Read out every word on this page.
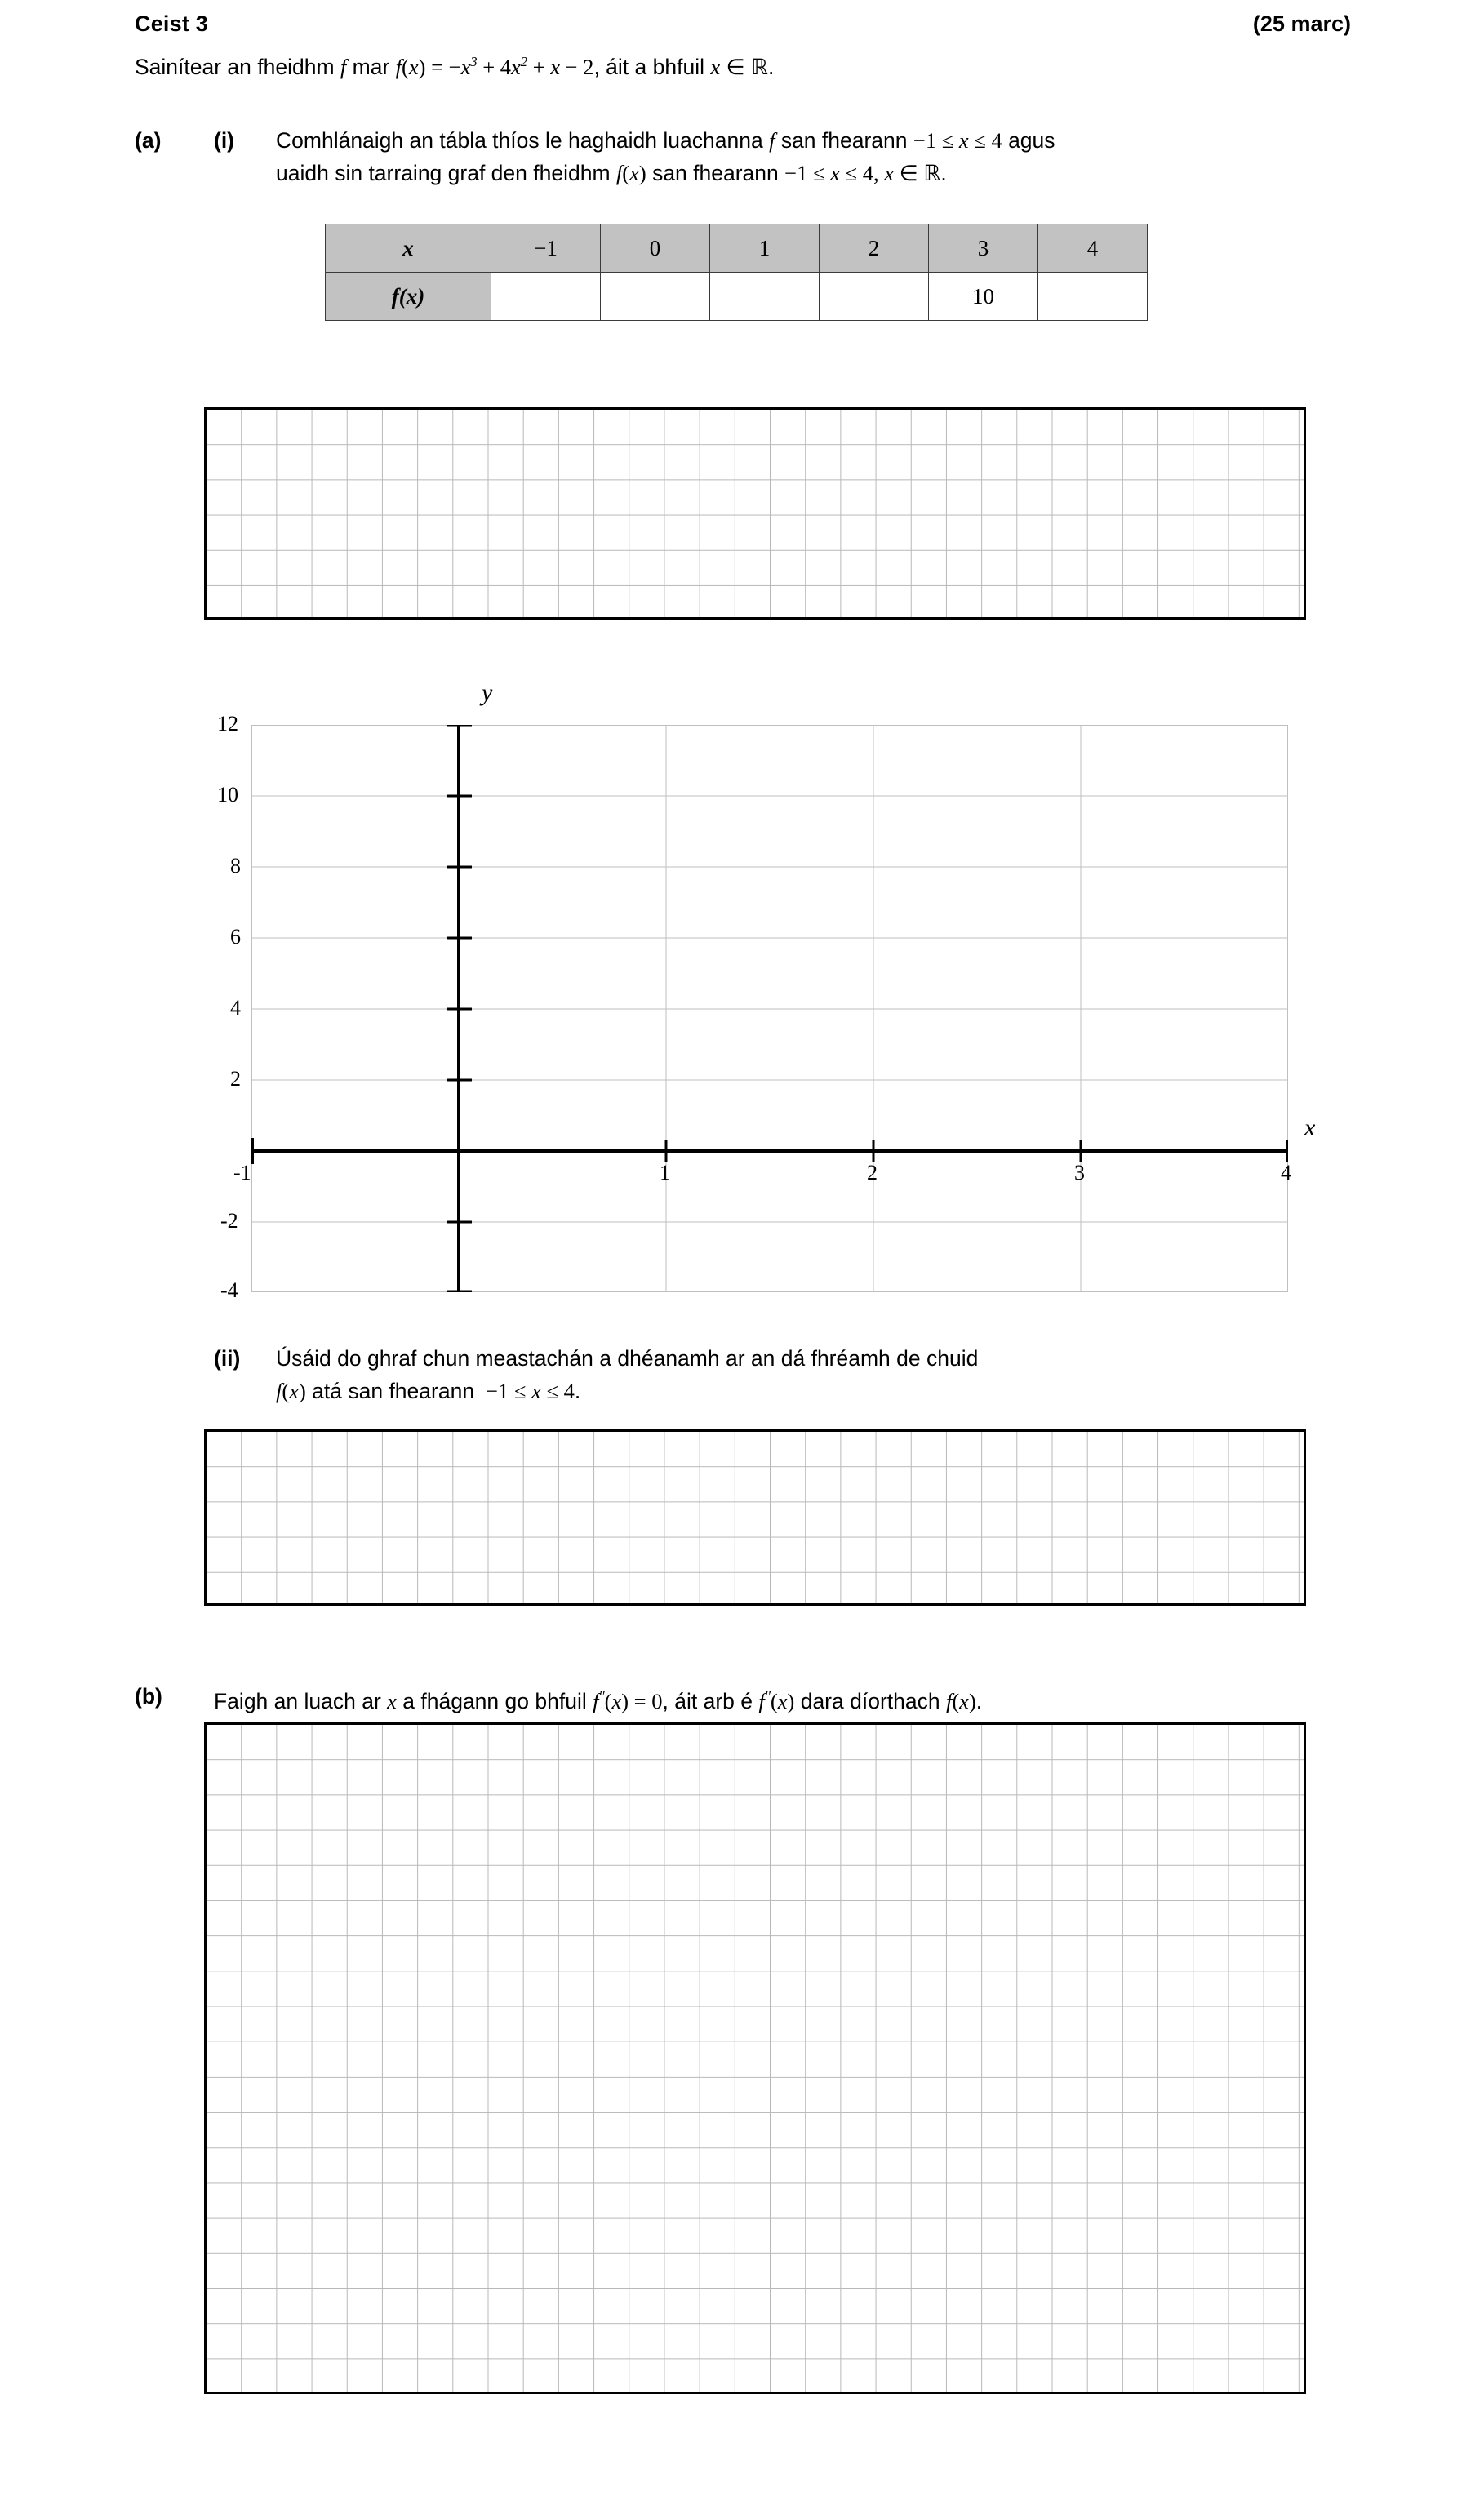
Ceist 3	(25 marc)
Sainítear an fheidhm f mar $f(x) = -x^3 + 4x^2 + x - 2$, áit a bhfuil x ∈ ℝ.
(a) (i) Comhlánaigh an tábla thíos le haghaidh luachanna f san fhearann −1 ≤ x ≤ 4 agus
uaidh sin tarraing graf den fheidhm f(x) san fhearann −1 ≤ x ≤ 4, x ∈ ℝ.
x	−1	0	1	2	3	4
f(x)					10	
12
10
8
6
4
2
-2
-4
-1	1	2	3	4
y
x
(ii) Úsáid do ghraf chun meastachán a dhéanamh ar an dá fhréamh de chuid
f(x) atá san fhearann  −1 ≤ x ≤ 4.
(b) Faigh an luach ar x a fhágann go bhfuil f′′(x) = 0, áit arb é f′′(x) dara díorthach f(x).
